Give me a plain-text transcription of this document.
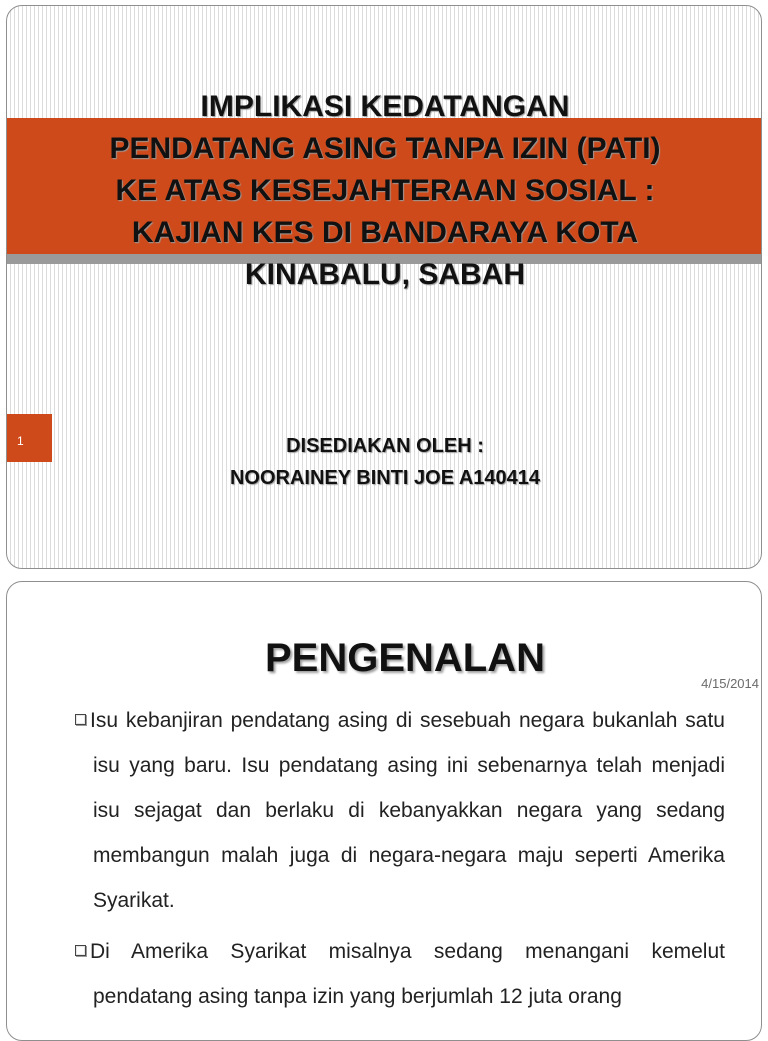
IMPLIKASI KEDATANGAN
PENDATANG ASING TANPA IZIN (PATI)
KE ATAS KESEJAHTERAAN SOSIAL :
KAJIAN KES DI BANDARAYA KOTA
KINABALU, SABAH
1	DISEDIAKAN OLEH :
NOORAINEY BINTI JOE A140414
PENGENALAN
4/15/2014

Isu kebanjiran pendatang asing di sesebuah negara bukanlah satu isu yang baru. Isu pendatang asing ini sebenarnya telah menjadi isu sejagat dan berlaku di kebanyakkan negara yang sedang membangun malah juga di negara-negara maju seperti Amerika Syarikat.

Di Amerika Syarikat misalnya sedang menangani kemelut pendatang asing tanpa izin yang berjumlah 12 juta orang
